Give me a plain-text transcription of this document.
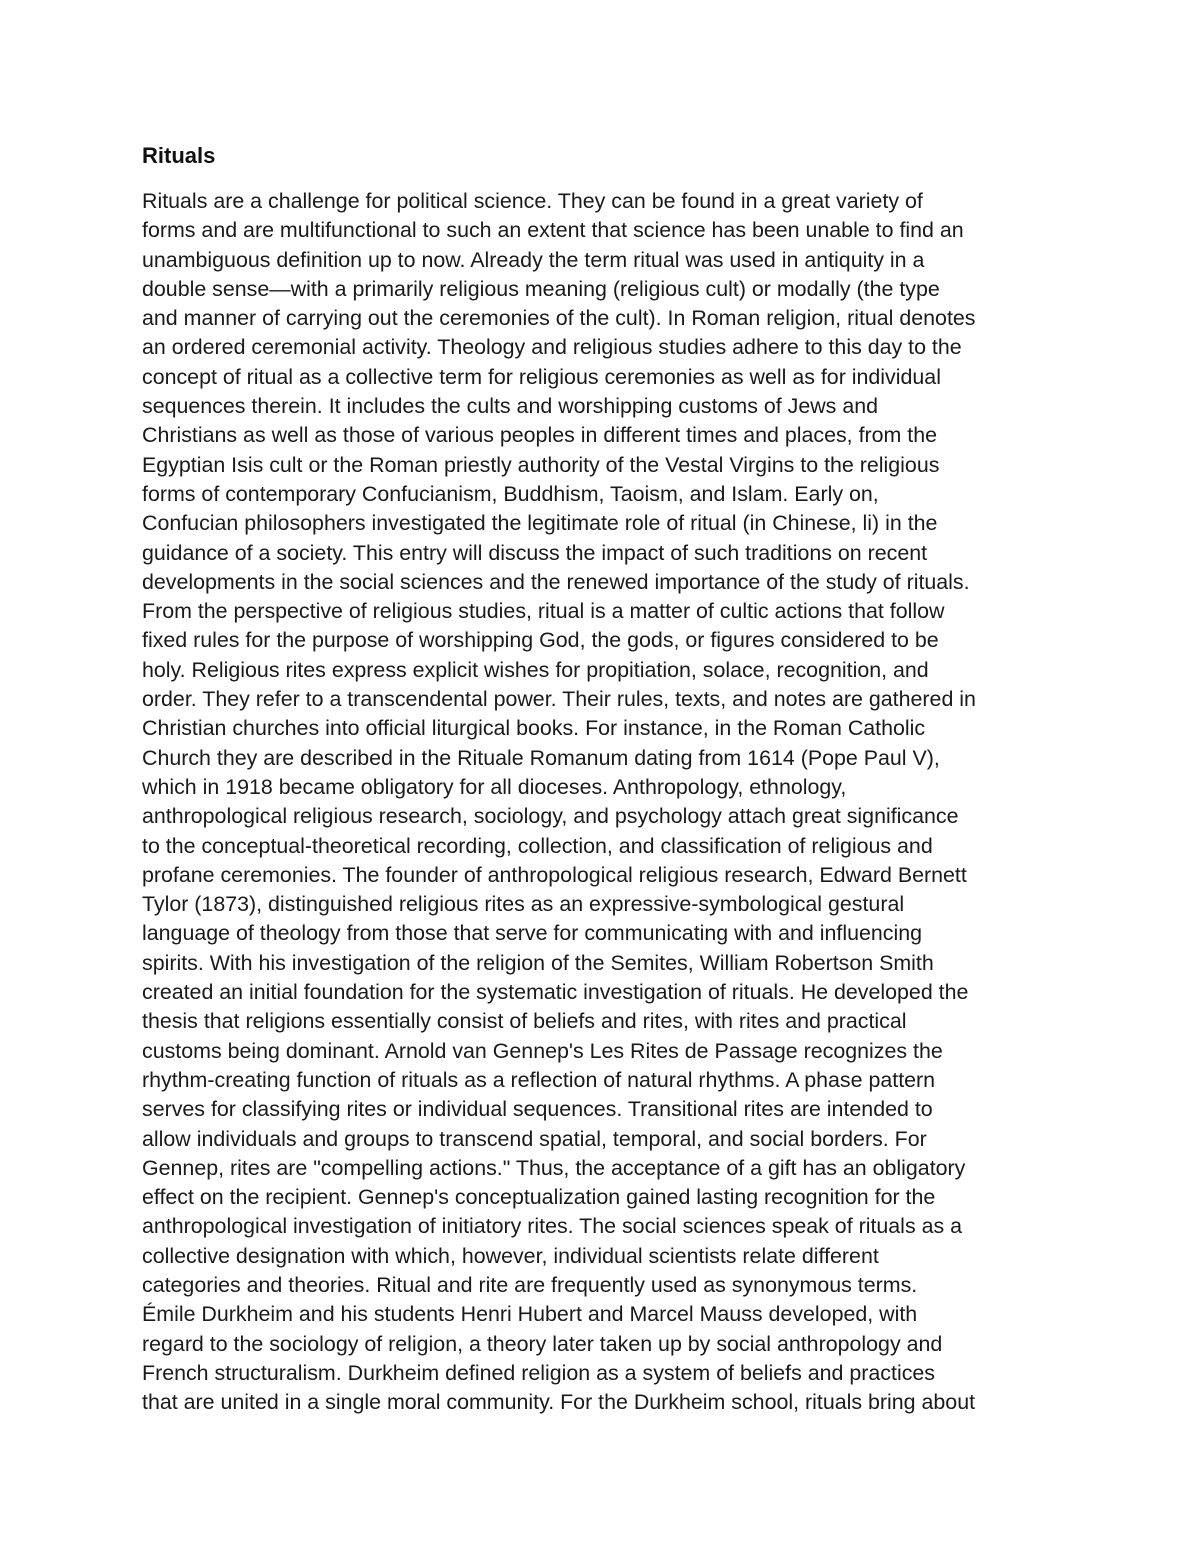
Rituals
Rituals are a challenge for political science. They can be found in a great variety of
forms and are multifunctional to such an extent that science has been unable to find an
unambiguous definition up to now. Already the term ritual was used in antiquity in a
double sense—with a primarily religious meaning (religious cult) or modally (the type
and manner of carrying out the ceremonies of the cult). In Roman religion, ritual denotes
an ordered ceremonial activity. Theology and religious studies adhere to this day to the
concept of ritual as a collective term for religious ceremonies as well as for individual
sequences therein. It includes the cults and worshipping customs of Jews and
Christians as well as those of various peoples in different times and places, from the
Egyptian Isis cult or the Roman priestly authority of the Vestal Virgins to the religious
forms of contemporary Confucianism, Buddhism, Taoism, and Islam. Early on,
Confucian philosophers investigated the legitimate role of ritual (in Chinese, li) in the
guidance of a society. This entry will discuss the impact of such traditions on recent
developments in the social sciences and the renewed importance of the study of rituals.
From the perspective of religious studies, ritual is a matter of cultic actions that follow
fixed rules for the purpose of worshipping God, the gods, or figures considered to be
holy. Religious rites express explicit wishes for propitiation, solace, recognition, and
order. They refer to a transcendental power. Their rules, texts, and notes are gathered in
Christian churches into official liturgical books. For instance, in the Roman Catholic
Church they are described in the Rituale Romanum dating from 1614 (Pope Paul V),
which in 1918 became obligatory for all dioceses. Anthropology, ethnology,
anthropological religious research, sociology, and psychology attach great significance
to the conceptual-theoretical recording, collection, and classification of religious and
profane ceremonies. The founder of anthropological religious research, Edward Bernett
Tylor (1873), distinguished religious rites as an expressive-symbological gestural
language of theology from those that serve for communicating with and influencing
spirits. With his investigation of the religion of the Semites, William Robertson Smith
created an initial foundation for the systematic investigation of rituals. He developed the
thesis that religions essentially consist of beliefs and rites, with rites and practical
customs being dominant. Arnold van Gennep's Les Rites de Passage recognizes the
rhythm-creating function of rituals as a reflection of natural rhythms. A phase pattern
serves for classifying rites or individual sequences. Transitional rites are intended to
allow individuals and groups to transcend spatial, temporal, and social borders. For
Gennep, rites are "compelling actions." Thus, the acceptance of a gift has an obligatory
effect on the recipient. Gennep's conceptualization gained lasting recognition for the
anthropological investigation of initiatory rites. The social sciences speak of rituals as a
collective designation with which, however, individual scientists relate different
categories and theories. Ritual and rite are frequently used as synonymous terms.
Émile Durkheim and his students Henri Hubert and Marcel Mauss developed, with
regard to the sociology of religion, a theory later taken up by social anthropology and
French structuralism. Durkheim defined religion as a system of beliefs and practices
that are united in a single moral community. For the Durkheim school, rituals bring about
